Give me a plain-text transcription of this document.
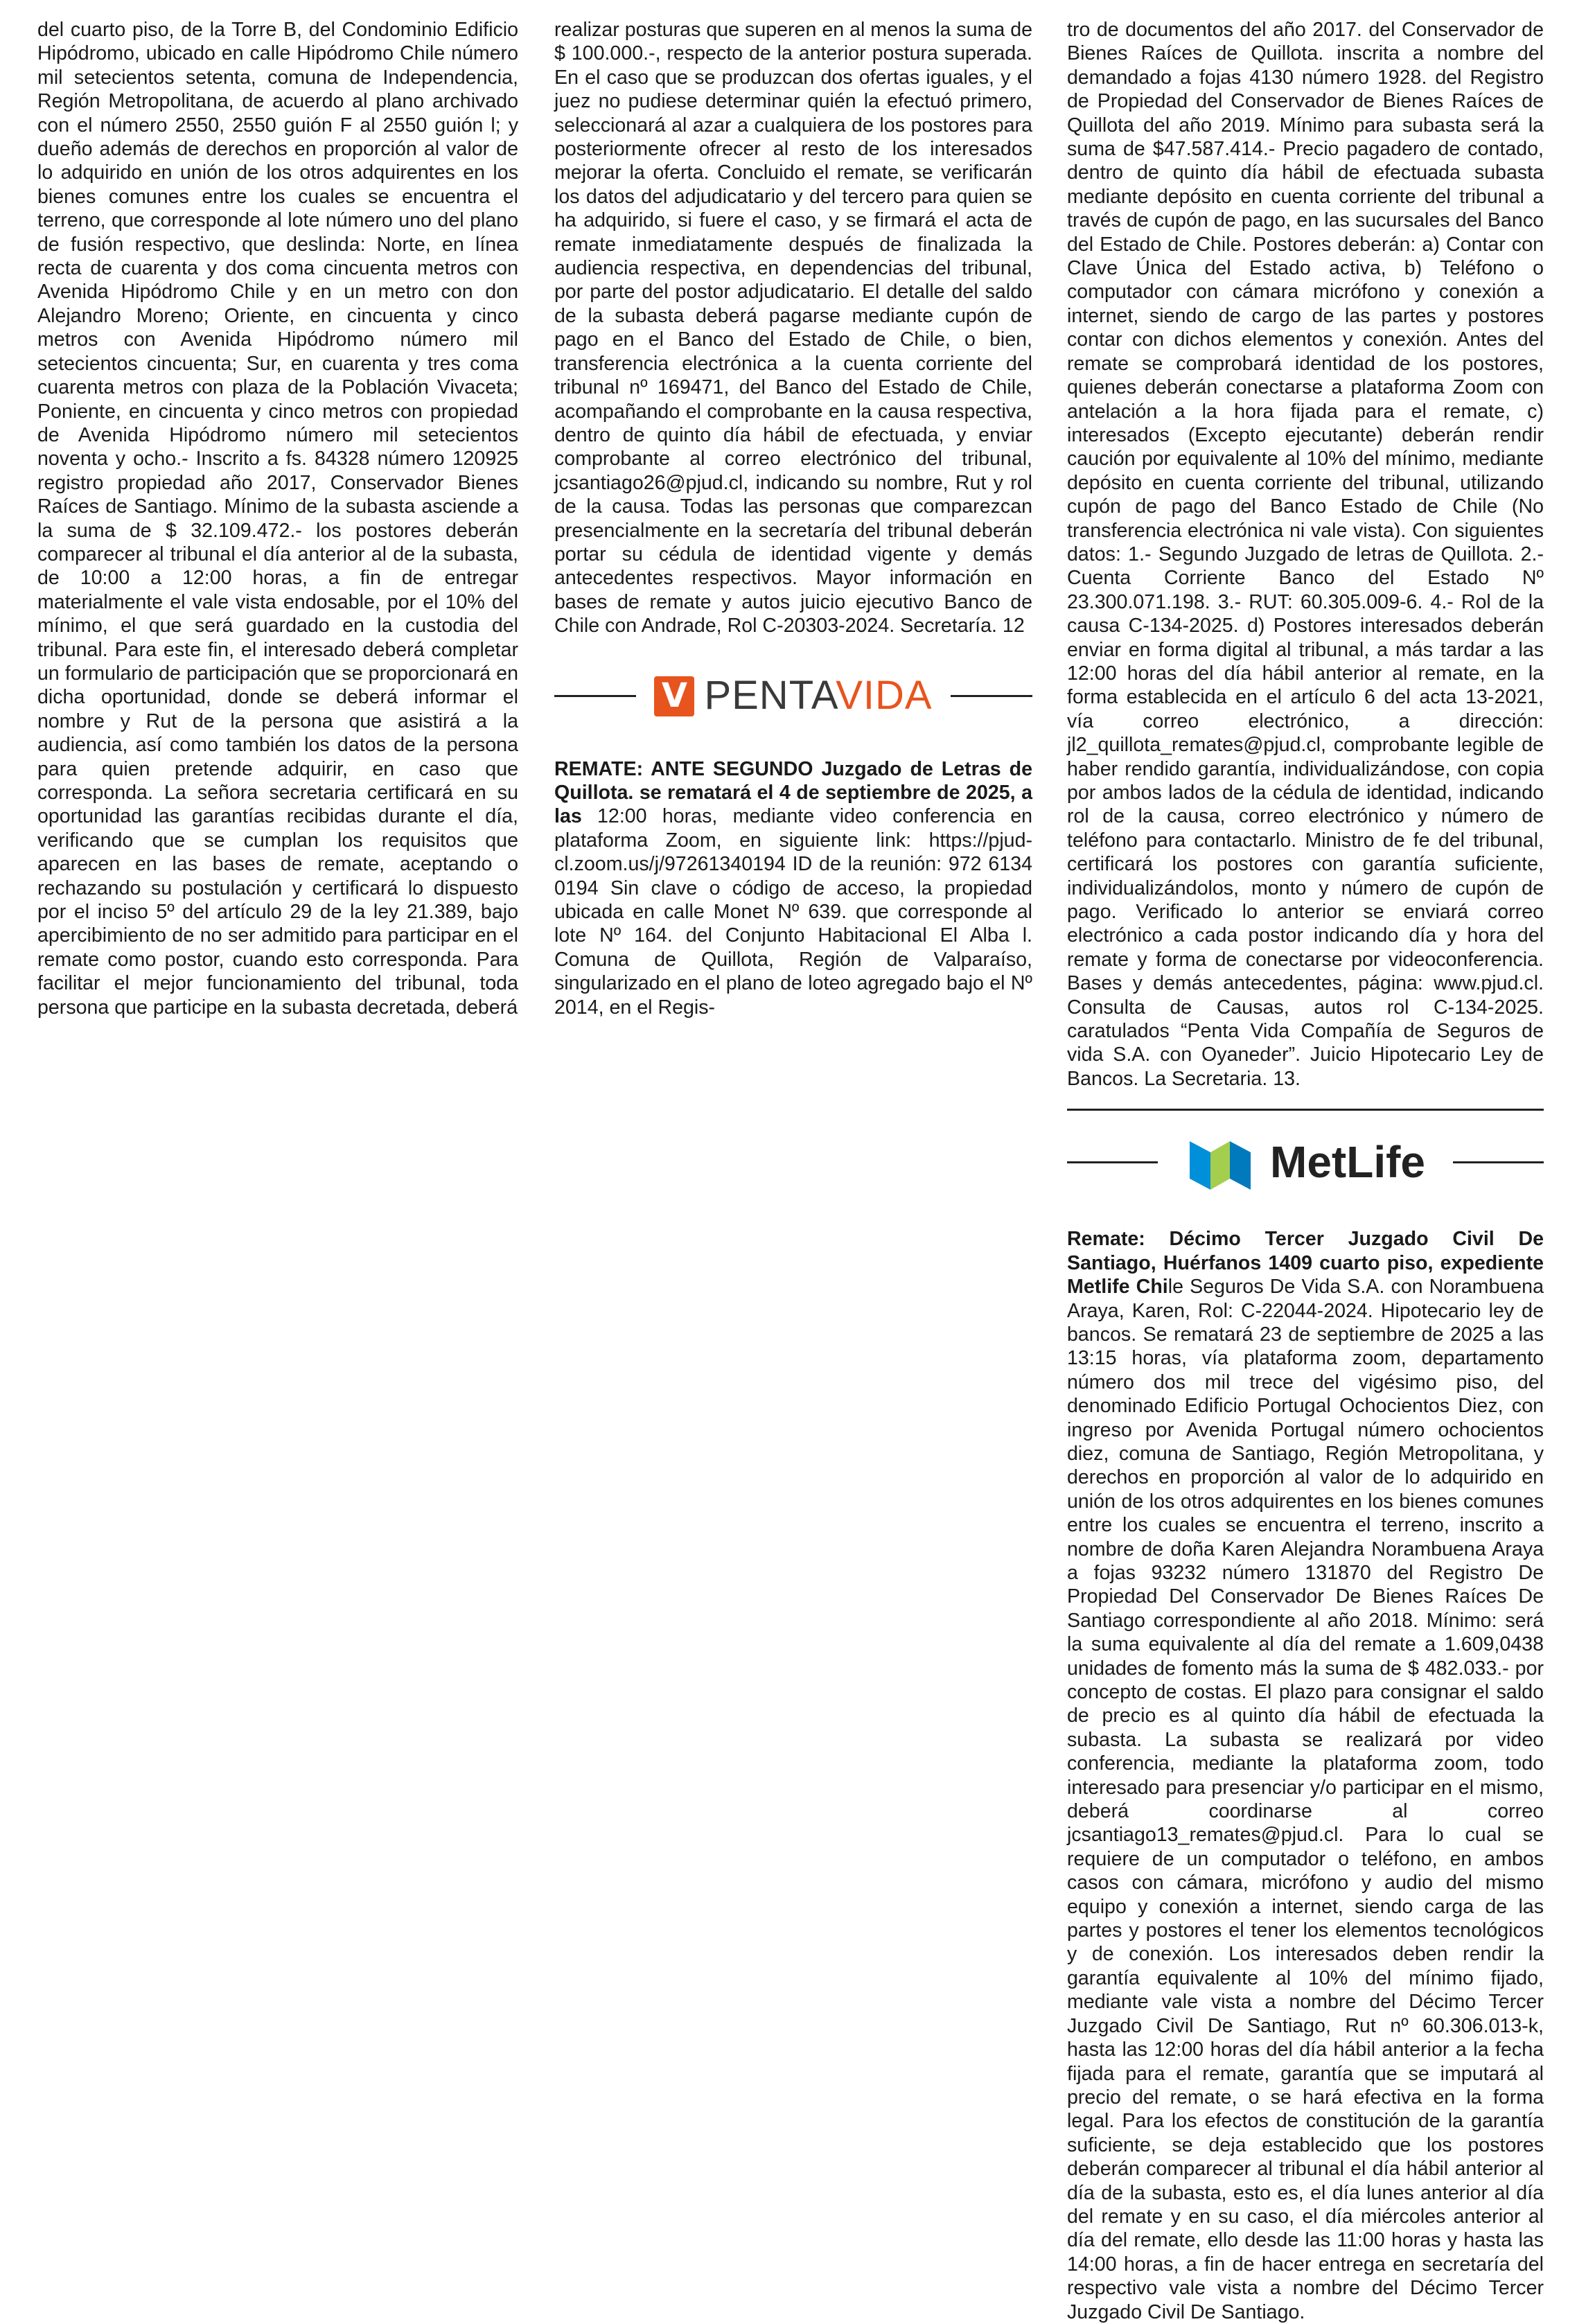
del cuarto piso, de la Torre B, del Condominio Edificio Hipódromo, ubicado en calle Hipódromo Chile número mil setecientos setenta, comuna de Independencia, Región Metropolitana, de acuerdo al plano archivado con el número 2550, 2550 guión F al 2550 guión l; y dueño además de derechos en proporción al valor de lo adquirido en unión de los otros adquirentes en los bienes comunes entre los cuales se encuentra el terreno, que corresponde al lote número uno del plano de fusión respectivo, que deslinda: Norte, en línea recta de cuarenta y dos coma cincuenta metros con Avenida Hipódromo Chile y en un metro con don Alejandro Moreno; Oriente, en cincuenta y cinco metros con Avenida Hipódromo número mil setecientos cincuenta; Sur, en cuarenta y tres coma cuarenta metros con plaza de la Población Vivaceta; Poniente, en cincuenta y cinco metros con propiedad de Avenida Hipódromo número mil setecientos noventa y ocho.- Inscrito a fs. 84328 número 120925 registro propiedad año 2017, Conservador Bienes Raíces de Santiago. Mínimo de la subasta asciende a la suma de $ 32.109.472.- los postores deberán comparecer al tribunal el día anterior al de la subasta, de 10:00 a 12:00 horas, a fin de entregar materialmente el vale vista endosable, por el 10% del mínimo, el que será guardado en la custodia del tribunal. Para este fin, el interesado deberá completar un formulario de participación que se proporcionará en dicha oportunidad, donde se deberá informar el nombre y Rut de la persona que asistirá a la audiencia, así como también los datos de la persona para quien pretende adquirir, en caso que corresponda. La señora secretaria certificará en su oportunidad las garantías recibidas durante el día, verificando que se cumplan los requisitos que aparecen en las bases de remate, aceptando o rechazando su postulación y certificará lo dispuesto por el inciso 5º del artículo 29 de la ley 21.389, bajo apercibimiento de no ser admitido para participar en el remate como postor, cuando esto corresponda. Para facilitar el mejor funcionamiento del tribunal, toda persona que participe en la subasta decretada, deberá

realizar posturas que superen en al menos la suma de $ 100.000.-, respecto de la anterior postura superada. En el caso que se produzcan dos ofertas iguales, y el juez no pudiese determinar quién la efectuó primero, seleccionará al azar a cualquiera de los postores para posteriormente ofrecer al resto de los interesados mejorar la oferta. Concluido el remate, se verificarán los datos del adjudicatario y del tercero para quien se ha adquirido, si fuere el caso, y se firmará el acta de remate inmediatamente después de finalizada la audiencia respectiva, en dependencias del tribunal, por parte del postor adjudicatario. El detalle del saldo de la subasta deberá pagarse mediante cupón de pago en el Banco del Estado de Chile, o bien, transferencia electrónica a la cuenta corriente del tribunal nº 169471, del Banco del Estado de Chile, acompañando el comprobante en la causa respectiva, dentro de quinto día hábil de efectuada, y enviar comprobante al correo electrónico del tribunal, jcsantiago26@pjud.cl, indicando su nombre, Rut y rol de la causa. Todas las personas que comparezcan presencialmente en la secretaría del tribunal deberán portar su cédula de identidad vigente y demás antecedentes respectivos. Mayor información en bases de remate y autos juicio ejecutivo Banco de Chile con Andrade, Rol C-20303-2024. Secretaría. 12

V PENTAVIDA

REMATE: ANTE SEGUNDO Juzgado de Letras de Quillota. se rematará el 4 de septiembre de 2025, a las 12:00 horas, mediante video conferencia en plataforma Zoom, en siguiente link: https://pjud-cl.zoom.us/j/97261340194 ID de la reunión: 972 6134 0194 Sin clave o código de acceso, la propiedad ubicada en calle Monet Nº 639. que corresponde al lote Nº 164. del Conjunto Habitacional El Alba l. Comuna de Quillota, Región de Valparaíso, singularizado en el plano de loteo agregado bajo el Nº 2014, en el Regis-

tro de documentos del año 2017. del Conservador de Bienes Raíces de Quillota. inscrita a nombre del demandado a fojas 4130 número 1928. del Registro de Propiedad del Conservador de Bienes Raíces de Quillota del año 2019. Mínimo para subasta será la suma de $47.587.414.- Precio pagadero de contado, dentro de quinto día hábil de efectuada subasta mediante depósito en cuenta corriente del tribunal a través de cupón de pago, en las sucursales del Banco del Estado de Chile. Postores deberán: a) Contar con Clave Única del Estado activa, b) Teléfono o computador con cámara micrófono y conexión a internet, siendo de cargo de las partes y postores contar con dichos elementos y conexión. Antes del remate se comprobará identidad de los postores, quienes deberán conectarse a plataforma Zoom con antelación a la hora fijada para el remate, c) interesados (Excepto ejecutante) deberán rendir caución por equivalente al 10% del mínimo, mediante depósito en cuenta corriente del tribunal, utilizando cupón de pago del Banco Estado de Chile (No transferencia electrónica ni vale vista). Con siguientes datos: 1.- Segundo Juzgado de letras de Quillota. 2.- Cuenta Corriente Banco del Estado Nº 23.300.071.198. 3.- RUT: 60.305.009-6. 4.- Rol de la causa C-134-2025. d) Postores interesados deberán enviar en forma digital al tribunal, a más tardar a las 12:00 horas del día hábil anterior al remate, en la forma establecida en el artículo 6 del acta 13-2021, vía correo electrónico, a dirección: jl2_quillota_remates@pjud.cl, comprobante legible de haber rendido garantía, individualizándose, con copia por ambos lados de la cédula de identidad, indicando rol de la causa, correo electrónico y número de teléfono para contactarlo. Ministro de fe del tribunal, certificará los postores con garantía suficiente, individualizándolos, monto y número de cupón de pago. Verificado lo anterior se enviará correo electrónico a cada postor indicando día y hora del remate y forma de conectarse por videoconferencia. Bases y demás antecedentes, página: www.pjud.cl. Consulta de Causas, autos rol C-134-2025. caratulados “Penta Vida Compañía de Seguros de vida S.A. con Oyaneder”. Juicio Hipotecario Ley de Bancos. La Secretaria. 13.

MetLife

Remate: Décimo Tercer Juzgado Civil De Santiago, Huérfanos 1409 cuarto piso, expediente Metlife Chile Seguros De Vida S.A. con Norambuena Araya, Karen, Rol: C-22044-2024. Hipotecario ley de bancos. Se rematará 23 de septiembre de 2025 a las 13:15 horas, vía plataforma zoom, departamento número dos mil trece del vigésimo piso, del denominado Edificio Portugal Ochocientos Diez, con ingreso por Avenida Portugal número ochocientos diez, comuna de Santiago, Región Metropolitana, y derechos en proporción al valor de lo adquirido en unión de los otros adquirentes en los bienes comunes entre los cuales se encuentra el terreno, inscrito a nombre de doña Karen Alejandra Norambuena Araya a fojas 93232 número 131870 del Registro De Propiedad Del Conservador De Bienes Raíces De Santiago correspondiente al año 2018. Mínimo: será la suma equivalente al día del remate a 1.609,0438 unidades de fomento más la suma de $ 482.033.- por concepto de costas. El plazo para consignar el saldo de precio es al quinto día hábil de efectuada la subasta. La subasta se realizará por video conferencia, mediante la plataforma zoom, todo interesado para presenciar y/o participar en el mismo, deberá coordinarse al correo jcsantiago13_remates@pjud.cl. Para lo cual se requiere de un computador o teléfono, en ambos casos con cámara, micrófono y audio del mismo equipo y conexión a internet, siendo carga de las partes y postores el tener los elementos tecnológicos y de conexión. Los interesados deben rendir la garantía equivalente al 10% del mínimo fijado, mediante vale vista a nombre del Décimo Tercer Juzgado Civil De Santiago, Rut nº 60.306.013-k, hasta las 12:00 horas del día hábil anterior a la fecha fijada para el remate, garantía que se imputará al precio del remate, o se hará efectiva en la forma legal. Para los efectos de constitución de la garantía suficiente, se deja establecido que los postores deberán comparecer al tribunal el día hábil anterior al día de la subasta, esto es, el día lunes anterior al día del remate y en su caso, el día miércoles anterior al día del remate, ello desde las 11:00 horas y hasta las 14:00 horas, a fin de hacer entrega en secretaría del respectivo vale vista a nombre del Décimo Tercer Juzgado Civil De Santiago.
